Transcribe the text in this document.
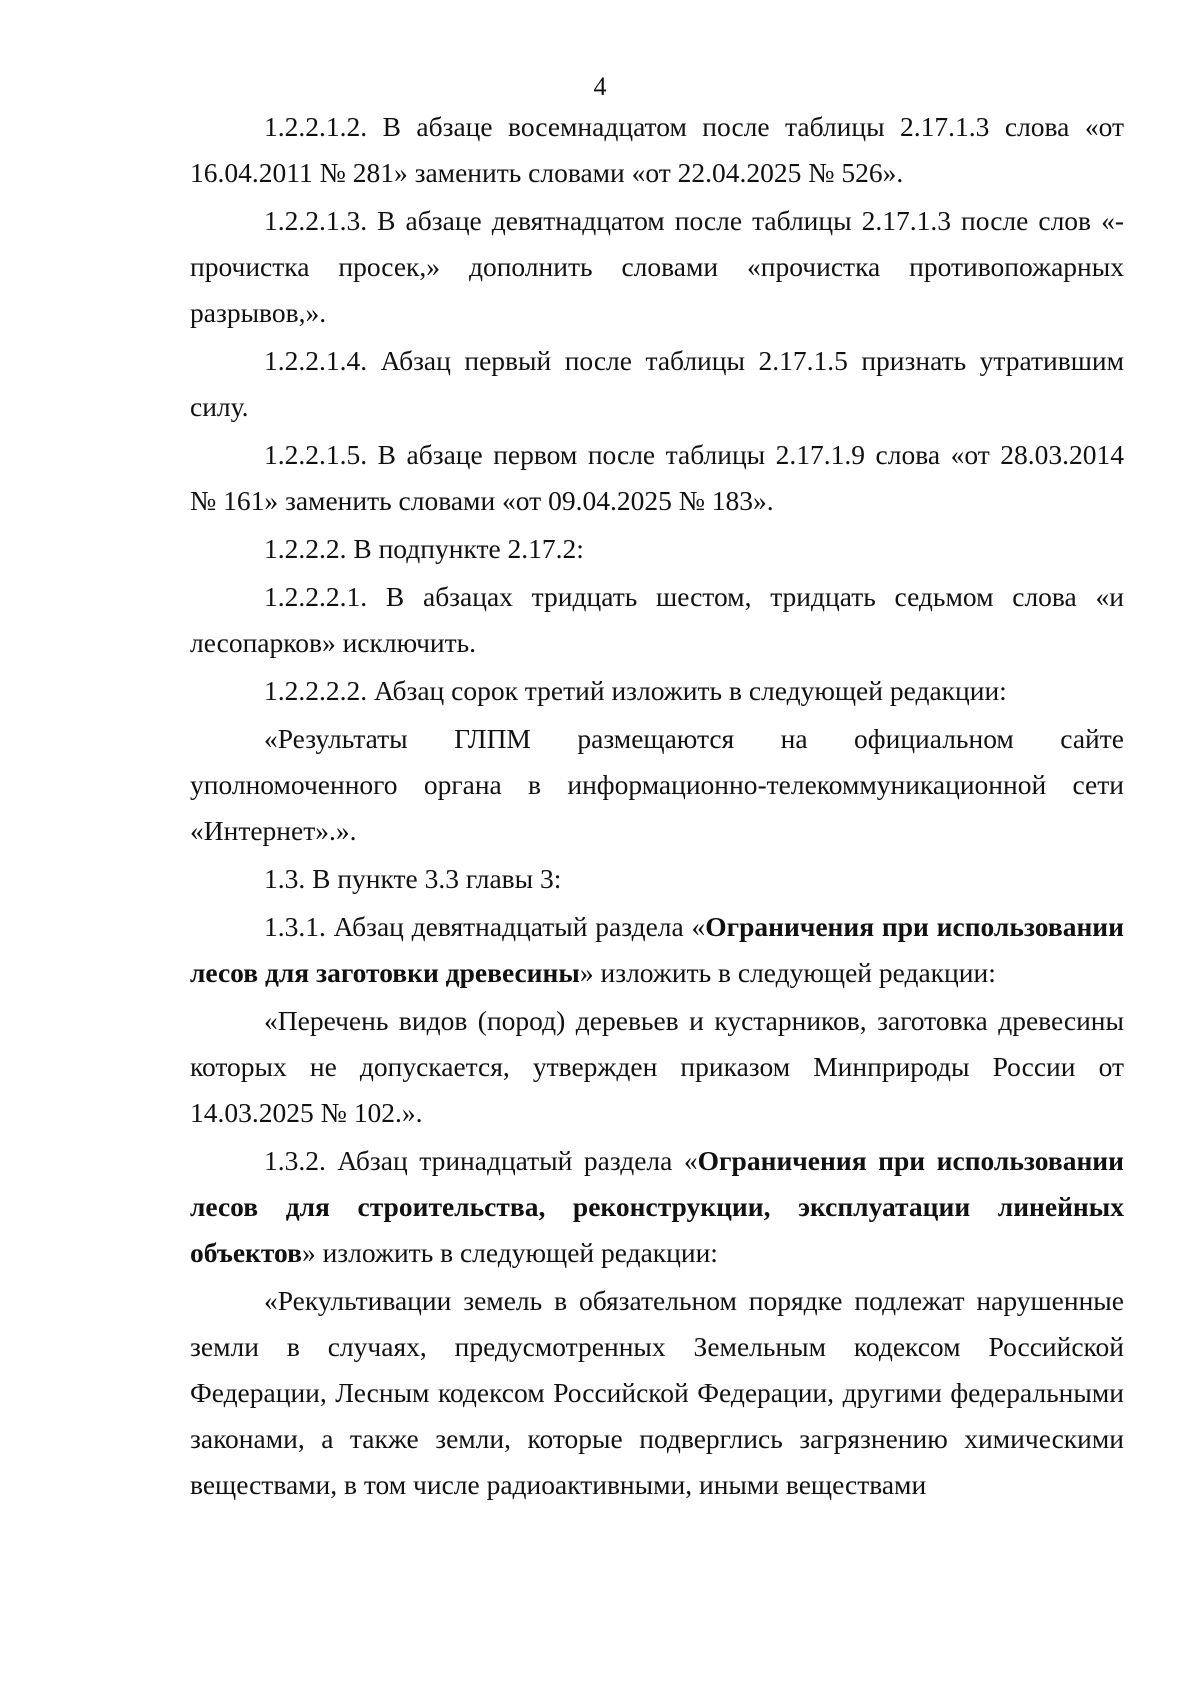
4

1.2.2.1.2. В абзаце восемнадцатом после таблицы 2.17.1.3 слова «от 16.04.2011 № 281» заменить словами «от 22.04.2025 № 526».

1.2.2.1.3. В абзаце девятнадцатом после таблицы 2.17.1.3 после слов «- прочистка просек,» дополнить словами «прочистка противопожарных разрывов,».

1.2.2.1.4. Абзац первый после таблицы 2.17.1.5 признать утратившим силу.

1.2.2.1.5. В абзаце первом после таблицы 2.17.1.9 слова «от 28.03.2014 № 161» заменить словами «от 09.04.2025 № 183».

1.2.2.2. В подпункте 2.17.2:

1.2.2.2.1. В абзацах тридцать шестом, тридцать седьмом слова «и лесопарков» исключить.

1.2.2.2.2. Абзац сорок третий изложить в следующей редакции:

«Результаты ГЛПМ размещаются на официальном сайте уполномоченного органа в информационно-телекоммуникационной сети «Интернет».».

1.3. В пункте 3.3 главы 3:

1.3.1. Абзац девятнадцатый раздела «Ограничения при использовании лесов для заготовки древесины» изложить в следующей редакции:

«Перечень видов (пород) деревьев и кустарников, заготовка древесины которых не допускается, утвержден приказом Минприроды России от 14.03.2025 № 102.».

1.3.2. Абзац тринадцатый раздела «Ограничения при использовании лесов для строительства, реконструкции, эксплуатации линейных объектов» изложить в следующей редакции:

«Рекультивации земель в обязательном порядке подлежат нарушенные земли в случаях, предусмотренных Земельным кодексом Российской Федерации, Лесным кодексом Российской Федерации, другими федеральными законами, а также земли, которые подверглись загрязнению химическими веществами, в том числе радиоактивными, иными веществами
